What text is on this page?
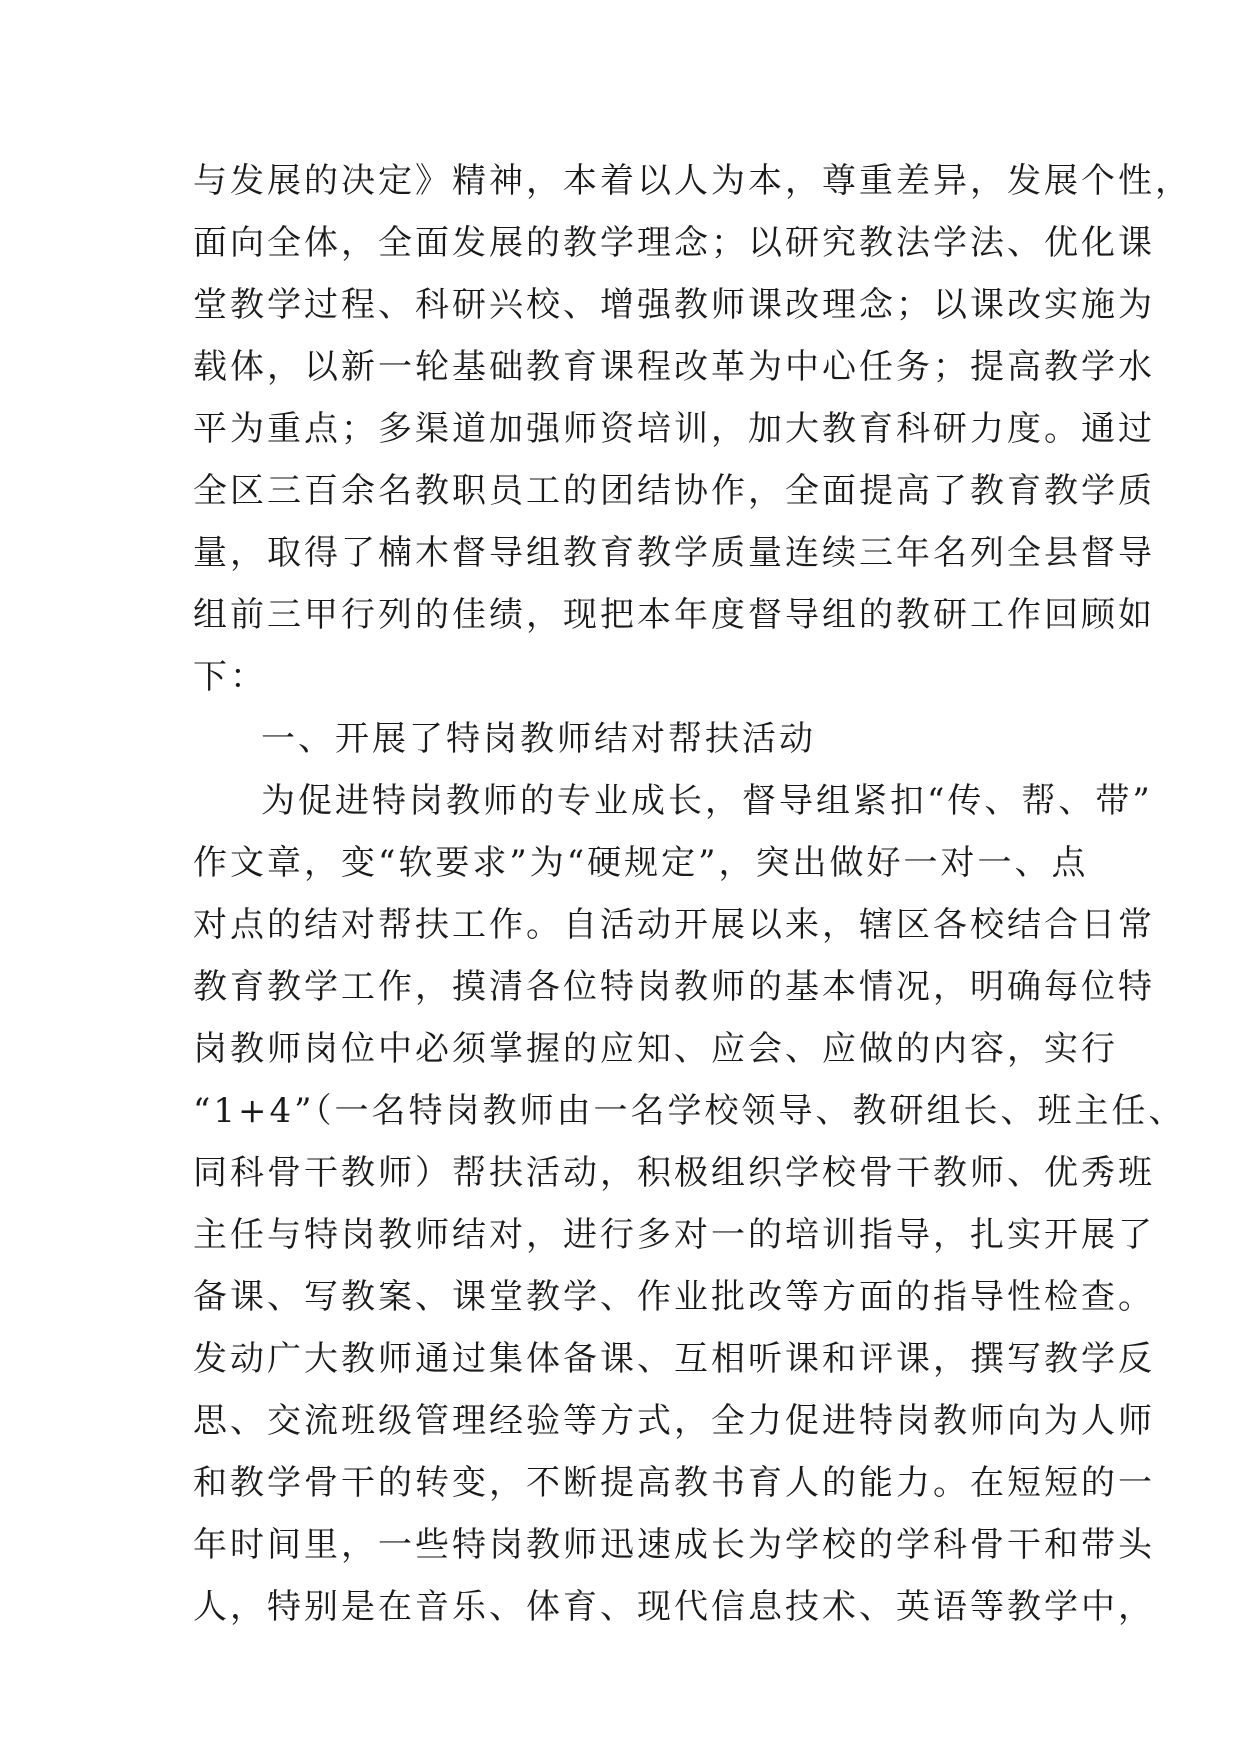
与发展的决定》精神，本着以人为本，尊重差异，发展个性，
面向全体，全面发展的教学理念；以研究教法学法、优化课
堂教学过程、科研兴校、增强教师课改理念；以课改实施为
载体，以新一轮基础教育课程改革为中心任务；提高教学水
平为重点；多渠道加强师资培训，加大教育科研力度。通过
全区三百余名教职员工的团结协作，全面提高了教育教学质
量，取得了楠木督导组教育教学质量连续三年名列全县督导
组前三甲行列的佳绩，现把本年度督导组的教研工作回顾如
下：
一、开展了特岗教师结对帮扶活动
为促进特岗教师的专业成长，督导组紧扣“传、帮、带”
作文章，变“软要求”为“硬规定”，突出做好一对一、点
对点的结对帮扶工作。自活动开展以来，辖区各校结合日常
教育教学工作，摸清各位特岗教师的基本情况，明确每位特
岗教师岗位中必须掌握的应知、应会、应做的内容，实行
“1+4”（一名特岗教师由一名学校领导、教研组长、班主任、
同科骨干教师）帮扶活动，积极组织学校骨干教师、优秀班
主任与特岗教师结对，进行多对一的培训指导，扎实开展了
备课、写教案、课堂教学、作业批改等方面的指导性检查。
发动广大教师通过集体备课、互相听课和评课，撰写教学反
思、交流班级管理经验等方式，全力促进特岗教师向为人师
和教学骨干的转变，不断提高教书育人的能力。在短短的一
年时间里，一些特岗教师迅速成长为学校的学科骨干和带头
人，特别是在音乐、体育、现代信息技术、英语等教学中，
